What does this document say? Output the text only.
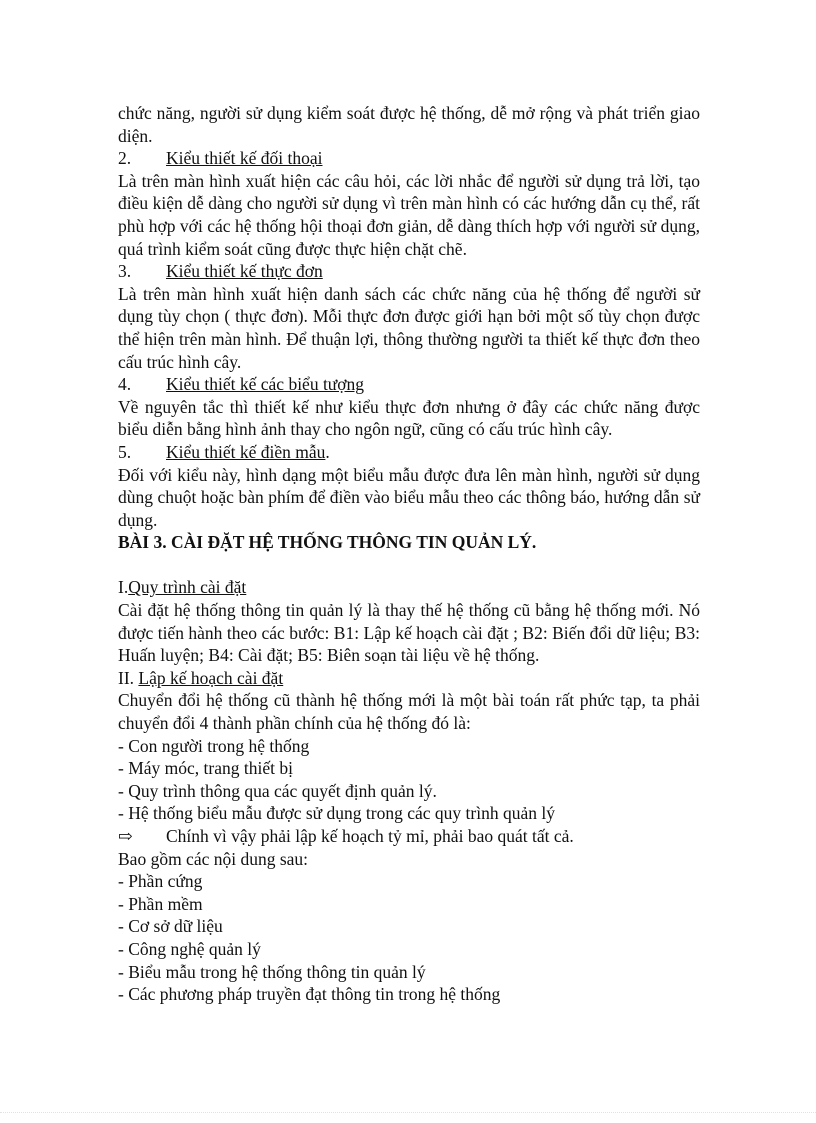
chức năng, người sử dụng kiểm soát được hệ thống, dễ mở rộng và phát triển giao diện.

2.	Kiểu thiết kế đối thoại

Là trên màn hình xuất hiện các câu hỏi, các lời nhắc để người sử dụng trả lời, tạo điều kiện dễ dàng cho người sử dụng vì trên màn hình có các hướng dẫn cụ thể, rất phù hợp với các hệ thống hội thoại đơn giản, dễ dàng thích hợp với người sử dụng, quá trình kiểm soát cũng được thực hiện chặt chẽ.

3.	Kiểu thiết kế thực đơn

Là trên màn hình xuất hiện danh sách các chức năng của hệ thống để người sử dụng tùy chọn ( thực đơn). Mỗi thực đơn được giới hạn bởi một số tùy chọn được thể hiện trên màn hình. Để thuận lợi, thông thường người ta thiết kế thực đơn theo cấu trúc hình cây.

4.	Kiểu thiết kế các biểu tượng

Về nguyên tắc thì thiết kế như kiểu thực đơn nhưng ở đây các chức năng được biểu diễn bằng hình ảnh thay cho ngôn ngữ, cũng có cấu trúc hình cây.

5.	Kiểu thiết kế điền mẫu.

Đối với kiểu này, hình dạng một biểu mẫu được đưa lên màn hình, người sử dụng dùng chuột hoặc bàn phím để điền vào biểu mẫu theo các thông báo, hướng dẫn sử dụng.

BÀI 3. CÀI ĐẶT HỆ THỐNG THÔNG TIN QUẢN LÝ.

I.Quy trình cài đặt

Cài đặt hệ thống thông tin quản lý là thay thế hệ thống cũ bằng hệ thống mới. Nó được tiến hành theo các bước: B1: Lập kế hoạch cài đặt ; B2: Biến đổi dữ liệu; B3: Huấn luyện; B4: Cài đặt; B5: Biên soạn tài liệu về hệ thống.

II. Lập kế hoạch cài đặt

Chuyển đổi hệ thống cũ thành hệ thống mới là một bài toán rất phức tạp, ta phải chuyển đổi 4 thành phần chính của hệ thống đó là:

- Con người trong hệ thống

- Máy móc, trang thiết bị

- Quy trình thông qua các quyết định quản lý.

- Hệ thống biểu mẫu được sử dụng trong các quy trình quản lý

⇨	Chính vì vậy phải lập kế hoạch tỷ mỉ, phải bao quát tất cả.

Bao gồm các nội dung sau:

- Phần cứng

- Phần mềm

- Cơ sở dữ liệu

- Công nghệ quản lý

- Biểu mẫu trong hệ thống thông tin quản lý

- Các phương pháp truyền đạt thông tin trong hệ thống
